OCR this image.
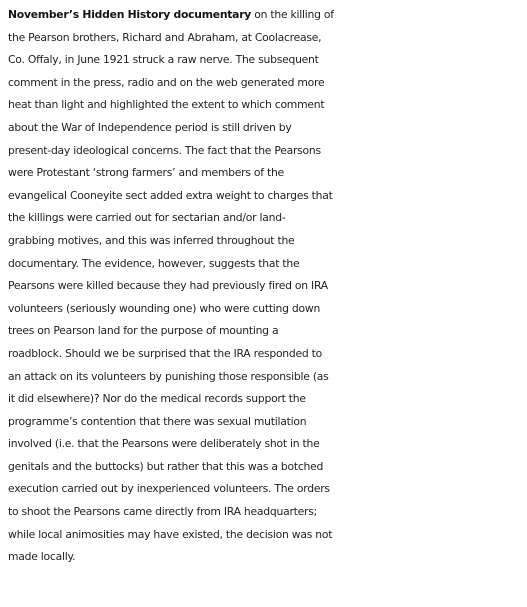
November’s Hidden History documentary on the killing of
the Pearson brothers, Richard and Abraham, at Coolacrease,
Co. Offaly, in June 1921 struck a raw nerve. The subsequent
comment in the press, radio and on the web generated more
heat than light and highlighted the extent to which comment
about the War of Independence period is still driven by
present-day ideological concerns. The fact that the Pearsons
were Protestant ‘strong farmers’ and members of the
evangelical Cooneyite sect added extra weight to charges that
the killings were carried out for sectarian and/or land-
grabbing motives, and this was inferred throughout the
documentary. The evidence, however, suggests that the
Pearsons were killed because they had previously fired on IRA
volunteers (seriously wounding one) who were cutting down
trees on Pearson land for the purpose of mounting a
roadblock. Should we be surprised that the IRA responded to
an attack on its volunteers by punishing those responsible (as
it did elsewhere)? Nor do the medical records support the
programme’s contention that there was sexual mutilation
involved (i.e. that the Pearsons were deliberately shot in the
genitals and the buttocks) but rather that this was a botched
execution carried out by inexperienced volunteers. The orders
to shoot the Pearsons came directly from IRA headquarters;
while local animosities may have existed, the decision was not
made locally.
